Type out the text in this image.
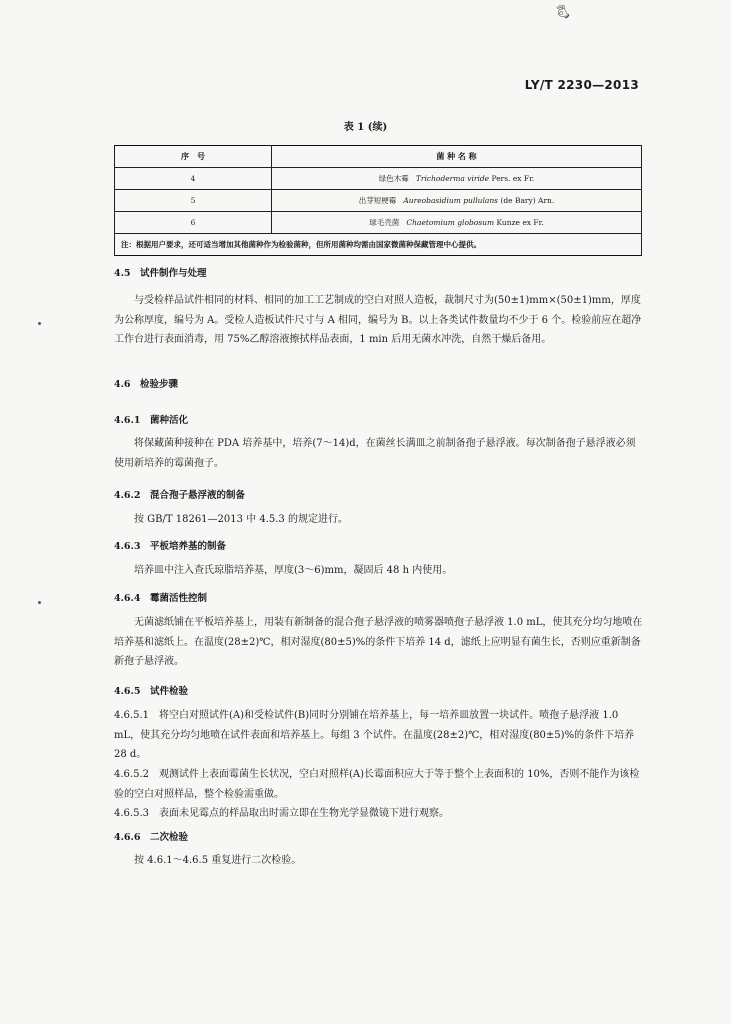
🖏
LY/T 2230—2013
表 1 (续)
序　号	菌 种 名 称
4	绿色木霉 Trichoderma viride Pers. ex Fr.
5	出芽短梗霉 Aureobasidium pullulans (de Bary) Arn.
6	球毛壳菌 Chaetomium globosum Kunze ex Fr.
注：根据用户要求，还可适当增加其他菌种作为检验菌种，但所用菌种均需由国家微菌种保藏管理中心提供。	
4.5　试件制作与处理

与受检样品试件相同的材料、相同的加工工艺制成的空白对照人造板，裁制尺寸为(50±1)mm×(50±1)mm，厚度为公称厚度，编号为 A。受检人造板试件尺寸与 A 相同，编号为 B。以上各类试件数量均不少于 6 个。检验前应在超净工作台进行表面消毒，用 75%乙醇溶液擦拭样品表面，1 min 后用无菌水冲洗，自然干燥后备用。

4.6　检验步骤
4.6.1　菌种活化

将保藏菌种接种在 PDA 培养基中，培养(7～14)d，在菌丝长满皿之前制备孢子悬浮液。每次制备孢子悬浮液必须使用新培养的霉菌孢子。

4.6.2　混合孢子悬浮液的制备

按 GB/T 18261—2013 中 4.5.3 的规定进行。

4.6.3　平板培养基的制备

培养皿中注入查氏琼脂培养基，厚度(3～6)mm，凝固后 48 h 内使用。

4.6.4　霉菌活性控制

无菌滤纸铺在平板培养基上，用装有新制备的混合孢子悬浮液的喷雾器喷孢子悬浮液 1.0 mL，使其充分均匀地喷在培养基和滤纸上。在温度(28±2)℃，相对湿度(80±5)%的条件下培养 14 d，滤纸上应明显有菌生长，否则应重新制备新孢子悬浮液。

4.6.5　试件检验

4.6.5.1　将空白对照试件(A)和受检试件(B)同时分别铺在培养基上，每一培养皿放置一块试件。喷孢子悬浮液 1.0 mL，使其充分均匀地喷在试件表面和培养基上。每组 3 个试件。在温度(28±2)℃，相对湿度(80±5)%的条件下培养 28 d。

4.6.5.2　观测试件上表面霉菌生长状况，空白对照样(A)长霉面积应大于等于整个上表面积的 10%，否则不能作为该检验的空白对照样品，整个检验需重做。

4.6.5.3　表面未见霉点的样品取出时需立即在生物光学显微镜下进行观察。

4.6.6　二次检验

按 4.6.1～4.6.5 重复进行二次检验。
